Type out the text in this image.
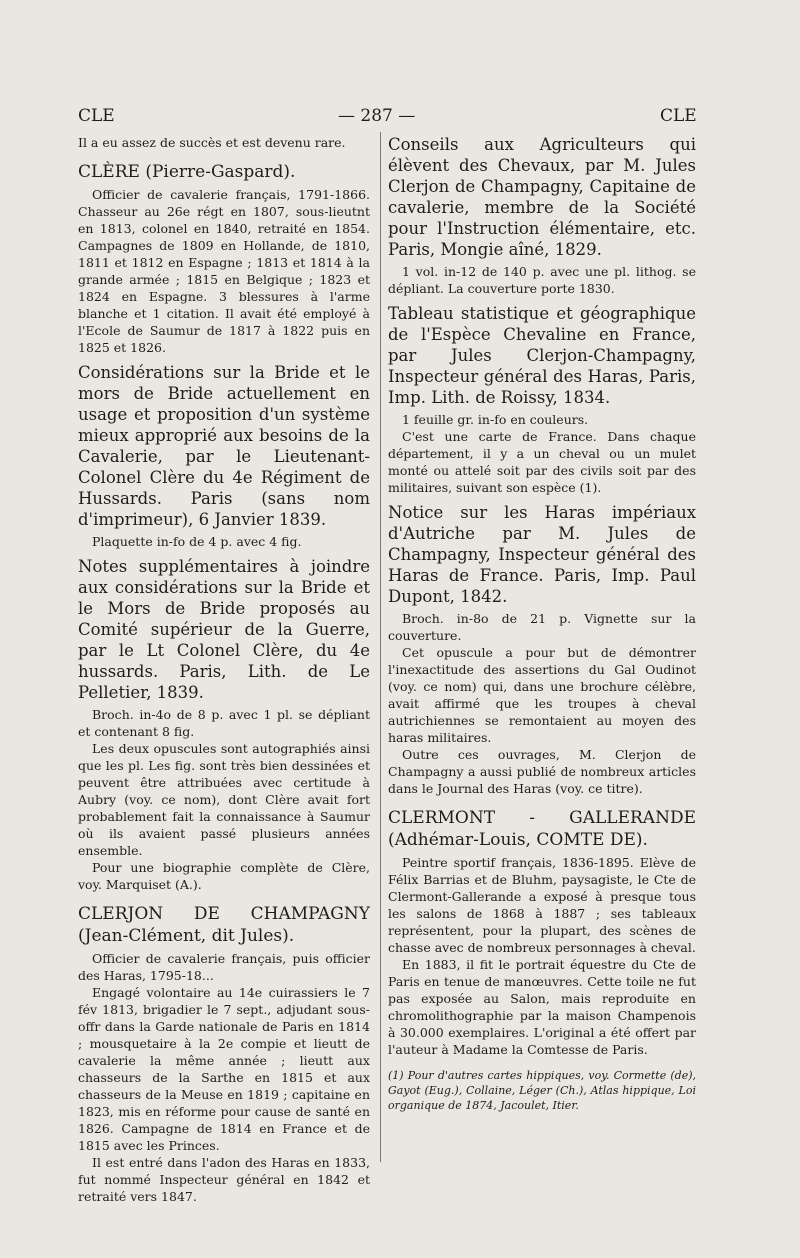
CLE	— 287 —	CLE

Il a eu assez de succès et est devenu rare.

CLÈRE (Pierre-Gaspard).

Officier de cavalerie français, 1791-1866. Chasseur au 26e régt en 1807, sous-lieutnt en 1813, colonel en 1840, retraité en 1854. Campagnes de 1809 en Hollande, de 1810, 1811 et 1812 en Espagne ; 1813 et 1814 à la grande armée ; 1815 en Belgique ; 1823 et 1824 en Espagne. 3 blessures à l'arme blanche et 1 citation. Il avait été employé à l'Ecole de Saumur de 1817 à 1822 puis en 1825 et 1826.

Considérations sur la Bride et le mors de Bride actuellement en usage et proposition d'un système mieux approprié aux besoins de la Cavalerie, par le Lieutenant-Colonel Clère du 4e Régiment de Hussards. Paris (sans nom d'imprimeur), 6 Janvier 1839.

Plaquette in-fo de 4 p. avec 4 fig.

Notes supplémentaires à joindre aux considérations sur la Bride et le Mors de Bride proposés au Comité supérieur de la Guerre, par le Lt Colonel Clère, du 4e hussards. Paris, Lith. de Le Pelletier, 1839.

Broch. in-4o de 8 p. avec 1 pl. se dépliant et contenant 8 fig.

Les deux opuscules sont autographiés ainsi que les pl. Les fig. sont très bien dessinées et peuvent être attribuées avec certitude à Aubry (voy. ce nom), dont Clère avait fort probablement fait la connaissance à Saumur où ils avaient passé plusieurs années ensemble.

Pour une biographie complète de Clère, voy. Marquiset (A.).

CLERJON DE CHAMPAGNY (Jean-Clément, dit Jules).

Officier de cavalerie français, puis officier des Haras, 1795-18...

Engagé volontaire au 14e cuirassiers le 7 fév 1813, brigadier le 7 sept., adjudant sous-offr dans la Garde nationale de Paris en 1814 ; mousquetaire à la 2e compie et lieutt de cavalerie la même année ; lieutt aux chasseurs de la Sarthe en 1815 et aux chasseurs de la Meuse en 1819 ; capitaine en 1823, mis en réforme pour cause de santé en 1826. Campagne de 1814 en France et de 1815 avec les Princes.

Il est entré dans l'adon des Haras en 1833, fut nommé Inspecteur général en 1842 et retraité vers 1847.

Conseils aux Agriculteurs qui élèvent des Chevaux, par M. Jules Clerjon de Champagny, Capitaine de cavalerie, membre de la Société pour l'Instruction élémentaire, etc. Paris, Mongie aîné, 1829.

1 vol. in-12 de 140 p. avec une pl. lithog. se dépliant. La couverture porte 1830.

Tableau statistique et géographique de l'Espèce Chevaline en France, par Jules Clerjon-Champagny, Inspecteur général des Haras, Paris, Imp. Lith. de Roissy, 1834.

1 feuille gr. in-fo en couleurs.

C'est une carte de France. Dans chaque département, il y a un cheval ou un mulet monté ou attelé soit par des civils soit par des militaires, suivant son espèce (1).

Notice sur les Haras impériaux d'Autriche par M. Jules de Champagny, Inspecteur général des Haras de France. Paris, Imp. Paul Dupont, 1842.

Broch. in-8o de 21 p. Vignette sur la couverture.

Cet opuscule a pour but de démontrer l'inexactitude des assertions du Gal Oudinot (voy. ce nom) qui, dans une brochure célèbre, avait affirmé que les troupes à cheval autrichiennes se remontaient au moyen des haras militaires.

Outre ces ouvrages, M. Clerjon de Champagny a aussi publié de nombreux articles dans le Journal des Haras (voy. ce titre).

CLERMONT - GALLERANDE (Adhémar-Louis, COMTE DE).

Peintre sportif français, 1836-1895. Elève de Félix Barrias et de Bluhm, paysagiste, le Cte de Clermont-Gallerande a exposé à presque tous les salons de 1868 à 1887 ; ses tableaux représentent, pour la plupart, des scènes de chasse avec de nombreux personnages à cheval.

En 1883, il fit le portrait équestre du Cte de Paris en tenue de manœuvres. Cette toile ne fut pas exposée au Salon, mais reproduite en chromolithographie par la maison Champenois à 30.000 exemplaires. L'original a été offert par l'auteur à Madame la Comtesse de Paris.

(1) Pour d'autres cartes hippiques, voy. Cormette (de), Gayot (Eug.), Collaine, Léger (Ch.), Atlas hippique, Loi organique de 1874, Jacoulet, Itier.
